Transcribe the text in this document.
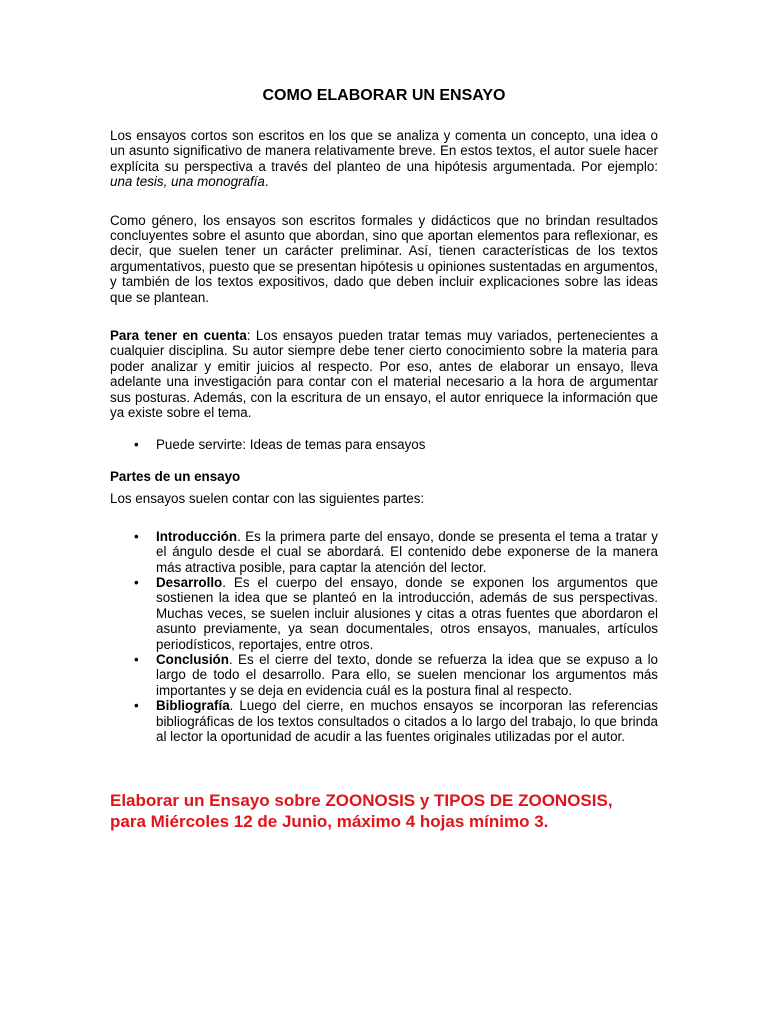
COMO ELABORAR UN ENSAYO

Los ensayos cortos son escritos en los que se analiza y comenta un concepto, una idea o un asunto significativo de manera relativamente breve. En estos textos, el autor suele hacer explícita su perspectiva a través del planteo de una hipótesis argumentada. Por ejemplo: una tesis, una monografía.

Como género, los ensayos son escritos formales y didácticos que no brindan resultados concluyentes sobre el asunto que abordan, sino que aportan elementos para reflexionar, es decir, que suelen tener un carácter preliminar. Así, tienen características de los textos argumentativos, puesto que se presentan hipótesis u opiniones sustentadas en argumentos, y también de los textos expositivos, dado que deben incluir explicaciones sobre las ideas que se plantean.

Para tener en cuenta: Los ensayos pueden tratar temas muy variados, pertenecientes a cualquier disciplina. Su autor siempre debe tener cierto conocimiento sobre la materia para poder analizar y emitir juicios al respecto. Por eso, antes de elaborar un ensayo, lleva adelante una investigación para contar con el material necesario a la hora de argumentar sus posturas. Además, con la escritura de un ensayo, el autor enriquece la información que ya existe sobre el tema.

• Puede servirte: Ideas de temas para ensayos

Partes de un ensayo

Los ensayos suelen contar con las siguientes partes:

• Introducción. Es la primera parte del ensayo, donde se presenta el tema a tratar y el ángulo desde el cual se abordará. El contenido debe exponerse de la manera más atractiva posible, para captar la atención del lector.
• Desarrollo. Es el cuerpo del ensayo, donde se exponen los argumentos que sostienen la idea que se planteó en la introducción, además de sus perspectivas. Muchas veces, se suelen incluir alusiones y citas a otras fuentes que abordaron el asunto previamente, ya sean documentales, otros ensayos, manuales, artículos periodísticos, reportajes, entre otros.
• Conclusión. Es el cierre del texto, donde se refuerza la idea que se expuso a lo largo de todo el desarrollo. Para ello, se suelen mencionar los argumentos más importantes y se deja en evidencia cuál es la postura final al respecto.
• Bibliografía. Luego del cierre, en muchos ensayos se incorporan las referencias bibliográficas de los textos consultados o citados a lo largo del trabajo, lo que brinda al lector la oportunidad de acudir a las fuentes originales utilizadas por el autor.
Elaborar un Ensayo sobre ZOONOSIS y TIPOS DE ZOONOSIS,
para Miércoles 12 de Junio, máximo 4 hojas mínimo 3.
